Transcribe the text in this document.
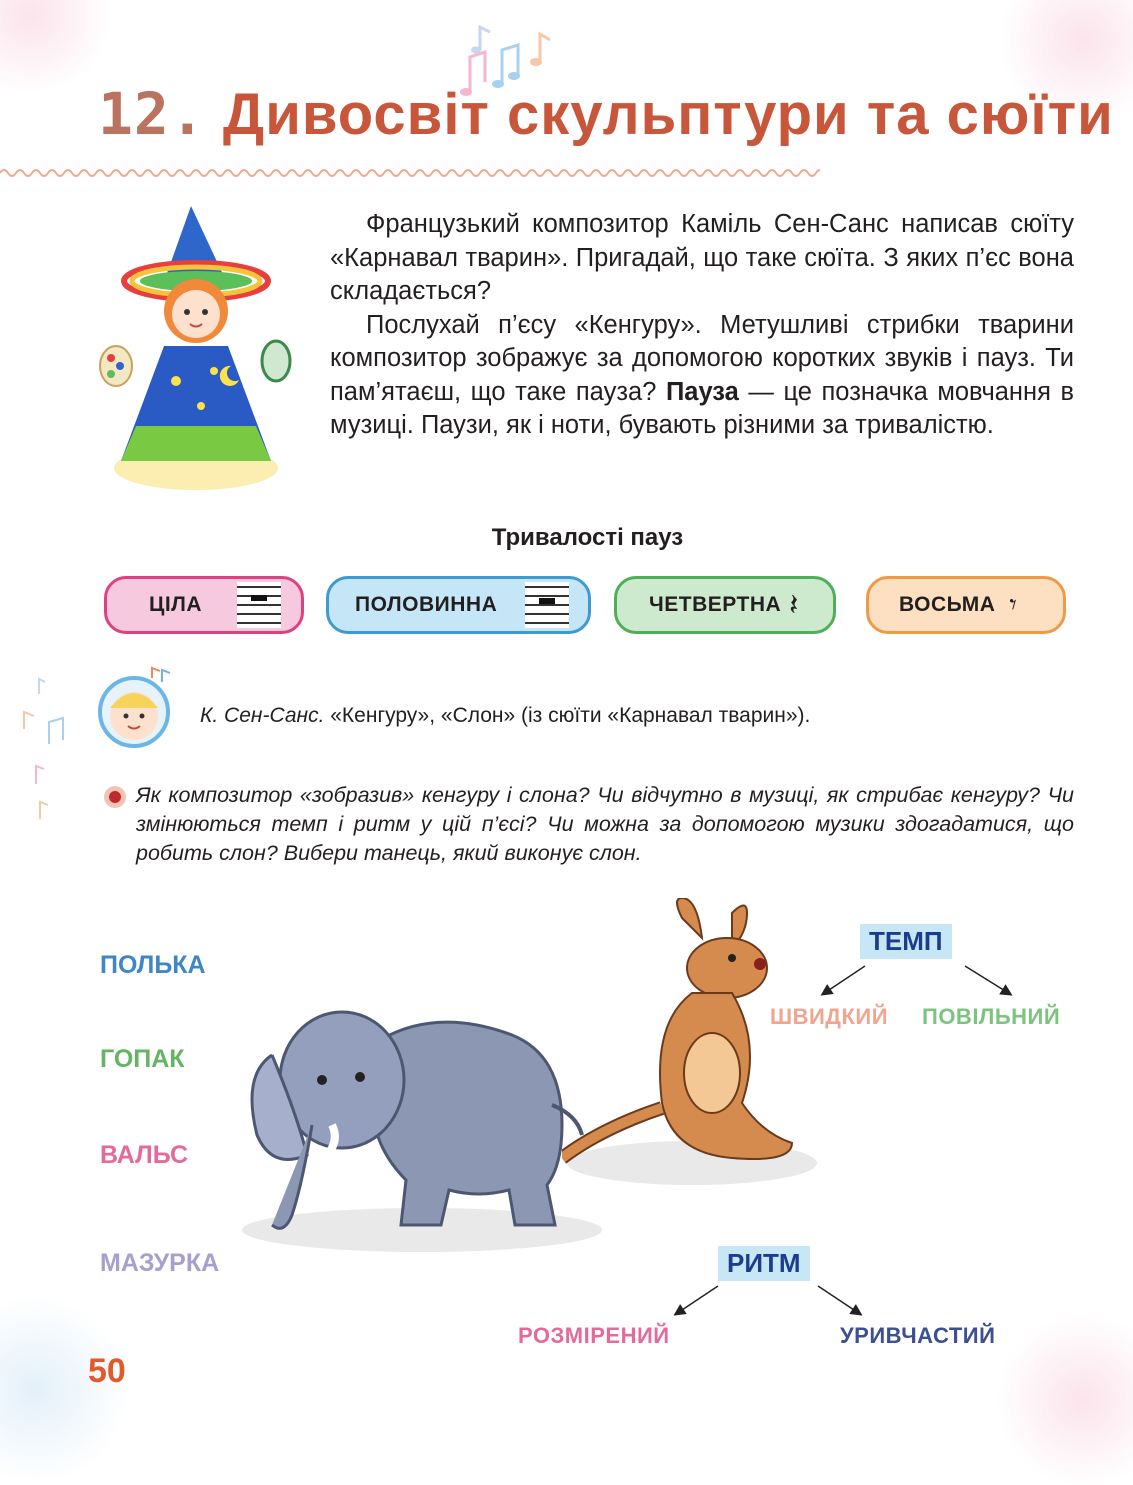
12. Дивосвіт скульптури та сюїти

Французький композитор Каміль Сен-Санс написав сюїту «Карнавал тварин». Пригадай, що таке сюїта. З яких п’єс вона складається?

Послухай п’єсу «Кенгуру». Метушливі стрибки тварини композитор зображує за допомогою коротких звуків і пауз. Ти пам’ятаєш, що таке пауза? Пауза — це позначка мовчання в музиці. Паузи, як і ноти, бувають різними за тривалістю.

Тривалості пауз
ЦІЛА	ПОЛОВИННА	ЧЕТВЕРТНА 𝄽	ВОСЬМА 𝄾
К. Сен-Санс. «Кенгуру», «Слон» (із сюїти «Карнавал тварин»).
Як композитор «зобразив» кенгуру і слона? Чи відчутно в музиці, як стрибає кенгуру? Чи змінюються темп і ритм у цій п’єсі? Чи можна за допомогою музики здогадатися, що робить слон? Вибери танець, який виконує слон.
ПОЛЬКА
ГОПАК
ВАЛЬС
МАЗУРКА
ТЕМП
ШВИДКИЙ ПОВІЛЬНИЙ
РИТМ
РОЗМІРЕНИЙ	УРИВЧАСТИЙ
50
